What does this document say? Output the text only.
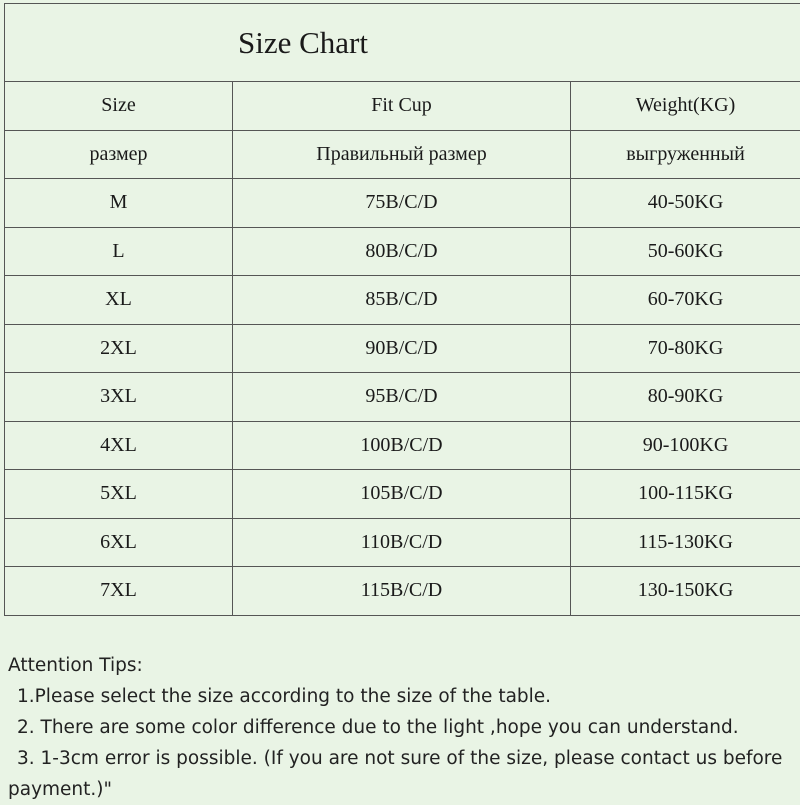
Size Chart		
Size	Fit Cup	Weight(KG)
размер	Правильный размер	выгруженный
M	75B/C/D	40-50KG
L	80B/C/D	50-60KG
XL	85B/C/D	60-70KG
2XL	90B/C/D	70-80KG
3XL	95B/C/D	80-90KG
4XL	100B/C/D	90-100KG
5XL	105B/C/D	100-115KG
6XL	110B/C/D	115-130KG
7XL	115B/C/D	130-150KG
Attention Tips:
1.Please select the size according to the size of the table.
2. There are some color difference due to the light ,hope you can understand.
3. 1-3cm error is possible. (If you are not sure of the size, please contact us before payment.)"
